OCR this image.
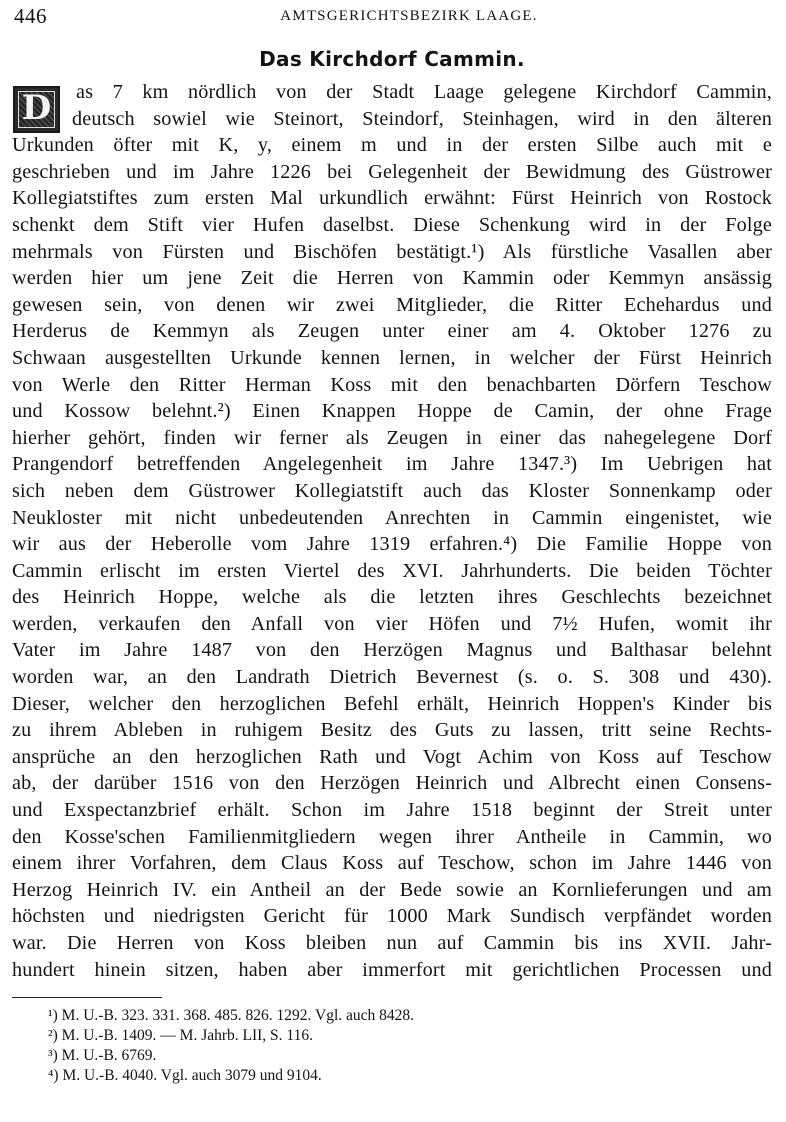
446	AMTSGERICHTSBEZIRK LAAGE.
Das Kirchdorf Cammin.
D	as 7 km nördlich von der Stadt Laage gelegene Kirchdorf Cammin,
deutsch sowiel wie Steinort, Steindorf, Steinhagen, wird in den älteren
Urkunden öfter mit K, y, einem m und in der ersten Silbe auch mit e
geschrieben und im Jahre 1226 bei Gelegenheit der Bewidmung des Güstrower
Kollegiatstiftes zum ersten Mal urkundlich erwähnt: Fürst Heinrich von Rostock
schenkt dem Stift vier Hufen daselbst. Diese Schenkung wird in der Folge
mehrmals von Fürsten und Bischöfen bestätigt.¹) Als fürstliche Vasallen aber
werden hier um jene Zeit die Herren von Kammin oder Kemmyn ansässig
gewesen sein, von denen wir zwei Mitglieder, die Ritter Echehardus und
Herderus de Kemmyn als Zeugen unter einer am 4. Oktober 1276 zu
Schwaan ausgestellten Urkunde kennen lernen, in welcher der Fürst Heinrich
von Werle den Ritter Herman Koss mit den benachbarten Dörfern Teschow
und Kossow belehnt.²) Einen Knappen Hoppe de Camin, der ohne Frage
hierher gehört, finden wir ferner als Zeugen in einer das nahegelegene Dorf
Prangendorf betreffenden Angelegenheit im Jahre 1347.³) Im Uebrigen hat
sich neben dem Güstrower Kollegiatstift auch das Kloster Sonnenkamp oder
Neukloster mit nicht unbedeutenden Anrechten in Cammin eingenistet, wie
wir aus der Heberolle vom Jahre 1319 erfahren.⁴) Die Familie Hoppe von
Cammin erlischt im ersten Viertel des XVI. Jahrhunderts. Die beiden Töchter
des Heinrich Hoppe, welche als die letzten ihres Geschlechts bezeichnet
werden, verkaufen den Anfall von vier Höfen und 7½ Hufen, womit ihr
Vater im Jahre 1487 von den Herzögen Magnus und Balthasar belehnt
worden war, an den Landrath Dietrich Bevernest (s. o. S. 308 und 430).
Dieser, welcher den herzoglichen Befehl erhält, Heinrich Hoppen's Kinder bis
zu ihrem Ableben in ruhigem Besitz des Guts zu lassen, tritt seine Rechts-
ansprüche an den herzoglichen Rath und Vogt Achim von Koss auf Teschow
ab, der darüber 1516 von den Herzögen Heinrich und Albrecht einen Consens-
und Exspectanzbrief erhält. Schon im Jahre 1518 beginnt der Streit unter
den Kosse'schen Familienmitgliedern wegen ihrer Antheile in Cammin, wo
einem ihrer Vorfahren, dem Claus Koss auf Teschow, schon im Jahre 1446 von
Herzog Heinrich IV. ein Antheil an der Bede sowie an Kornlieferungen und am
höchsten und niedrigsten Gericht für 1000 Mark Sundisch verpfändet worden
war. Die Herren von Koss bleiben nun auf Cammin bis ins XVII. Jahr-
hundert hinein sitzen, haben aber immerfort mit gerichtlichen Processen und
¹) M. U.-B. 323. 331. 368. 485. 826. 1292. Vgl. auch 8428.
²) M. U.-B. 1409. — M. Jahrb. LII, S. 116.
³) M. U.-B. 6769.
⁴) M. U.-B. 4040. Vgl. auch 3079 und 9104.
